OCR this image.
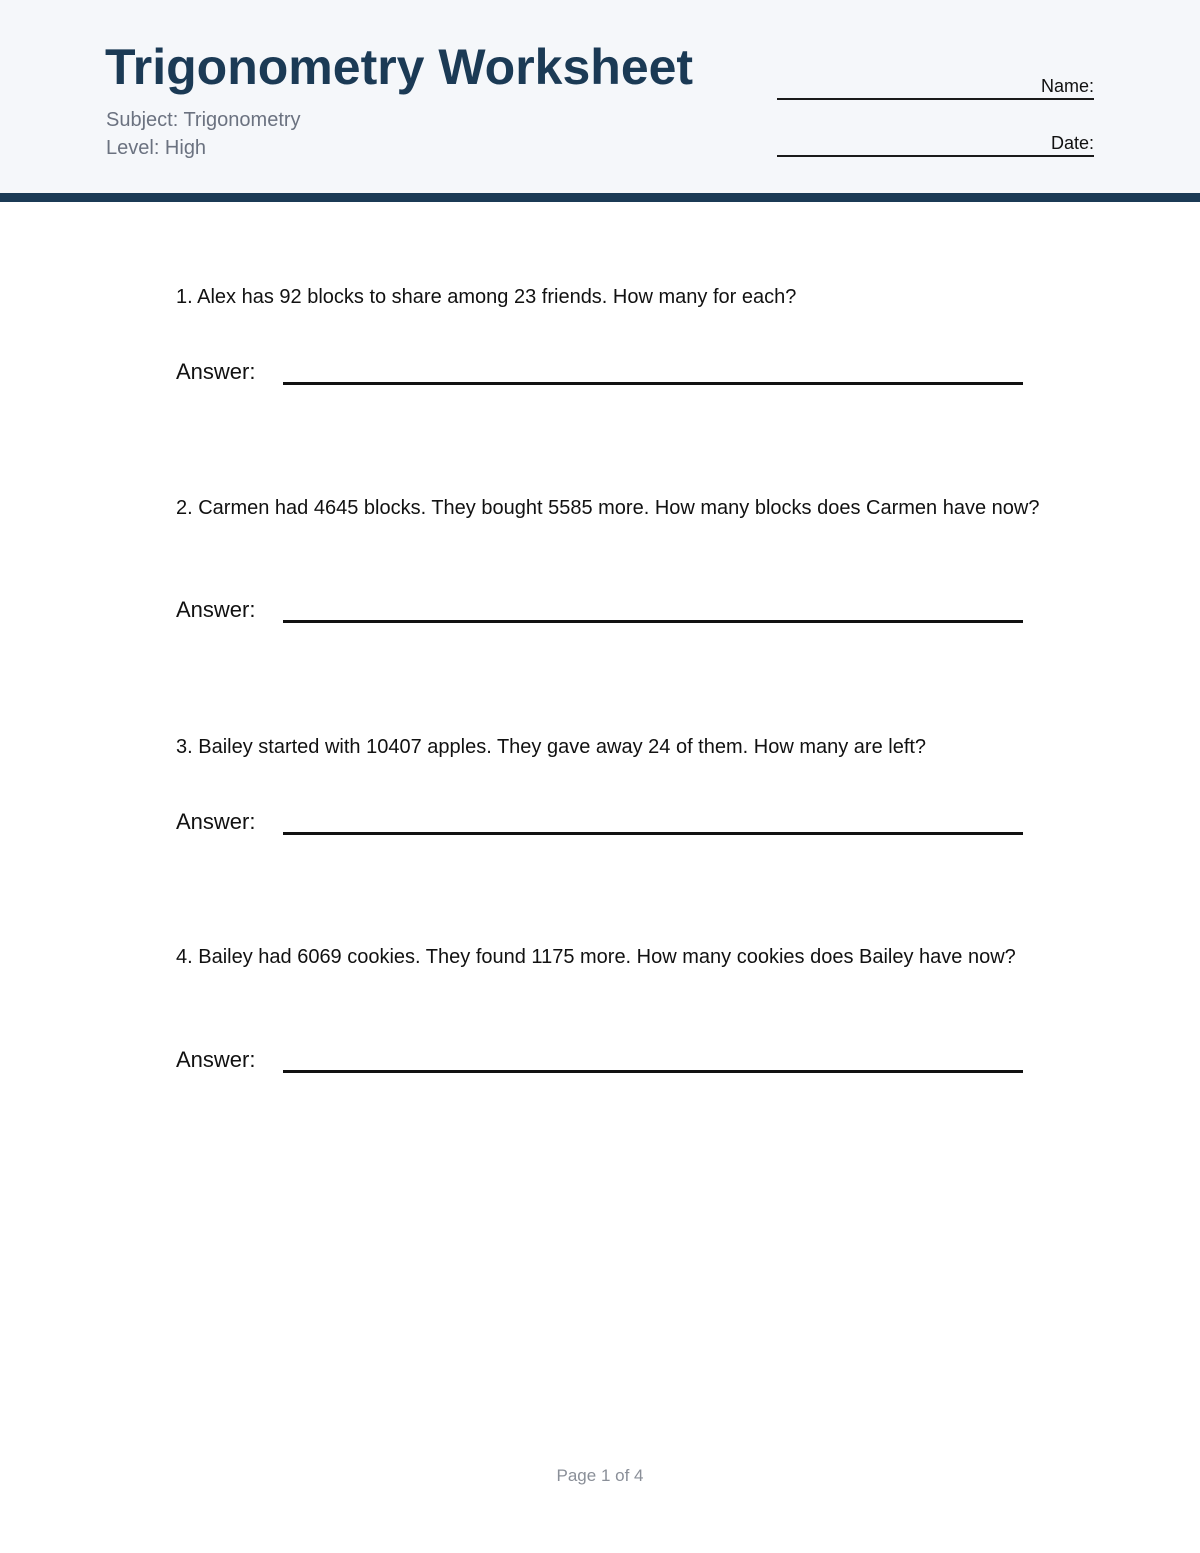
Trigonometry Worksheet
Subject: Trigonometry
Level: High
Name:
Date:

1. Alex has 92 blocks to share among 23 friends. How many for each?

Answer:

2. Carmen had 4645 blocks. They bought 5585 more. How many blocks does Carmen have now?

Answer:

3. Bailey started with 10407 apples. They gave away 24 of them. How many are left?

Answer:

4. Bailey had 6069 cookies. They found 1175 more. How many cookies does Bailey have now?

Answer:
Page 1 of 4
